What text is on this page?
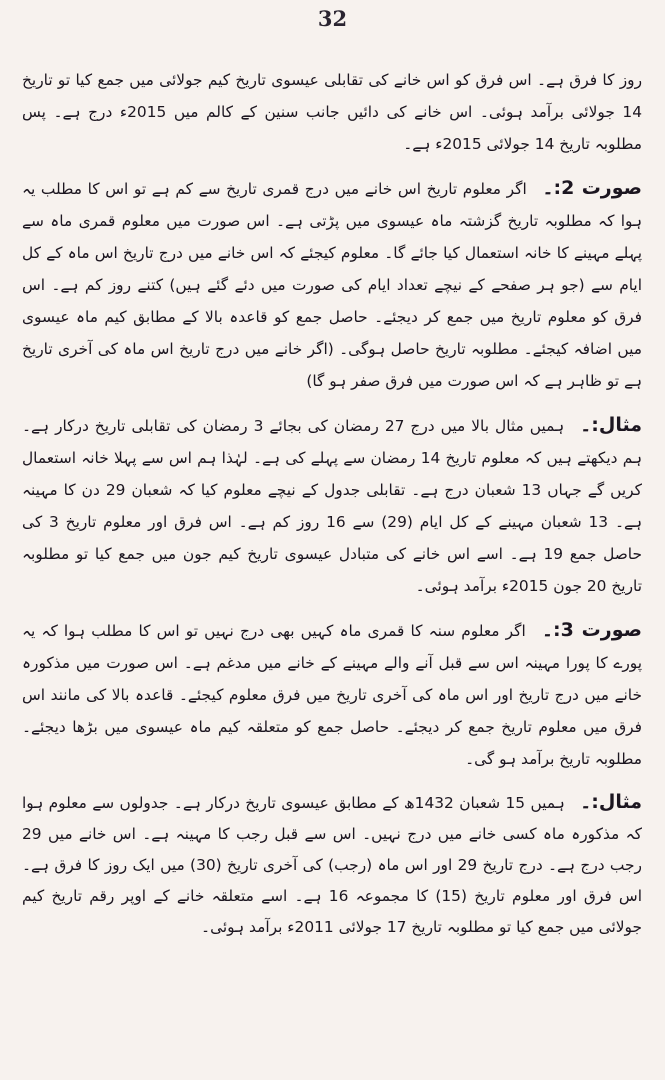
32

روز کا فرق ہے۔ اس فرق کو اس خانے کی تقابلی عیسوی تاریخ کیم جولائی میں جمع کیا تو تاریخ 14 جولائی برآمد ہوئی۔ اس خانے کی دائیں جانب سنین کے کالم میں 2015ء درج ہے۔ پس مطلوبہ تاریخ 14 جولائی 2015ء ہے۔

صورت 2:۔ اگر معلوم تاریخ اس خانے میں درج قمری تاریخ سے کم ہے تو اس کا مطلب یہ ہوا کہ مطلوبہ تاریخ گزشتہ ماہ عیسوی میں پڑتی ہے۔ اس صورت میں معلوم قمری ماہ سے پہلے مہینے کا خانہ استعمال کیا جائے گا۔ معلوم کیجئے کہ اس خانے میں درج تاریخ اس ماہ کے کل ایام سے (جو ہر صفحے کے نیچے تعداد ایام کی صورت میں دئے گئے ہیں) کتنے روز کم ہے۔ اس فرق کو معلوم تاریخ میں جمع کر دیجئے۔ حاصل جمع کو قاعدہ بالا کے مطابق کیم ماہ عیسوی میں اضافہ کیجئے۔ مطلوبہ تاریخ حاصل ہوگی۔ (اگر خانے میں درج تاریخ اس ماہ کی آخری تاریخ ہے تو ظاہر ہے کہ اس صورت میں فرق صفر ہو گا)

مثال:۔ ہمیں مثال بالا میں درج 27 رمضان کی بجائے 3 رمضان کی تقابلی تاریخ درکار ہے۔ ہم دیکھتے ہیں کہ معلوم تاریخ 14 رمضان سے پہلے کی ہے۔ لہٰذا ہم اس سے پہلا خانہ استعمال کریں گے جہاں 13 شعبان درج ہے۔ تقابلی جدول کے نیچے معلوم کیا کہ شعبان 29 دن کا مہینہ ہے۔ 13 شعبان مہینے کے کل ایام (29) سے 16 روز کم ہے۔ اس فرق اور معلوم تاریخ 3 کی حاصل جمع 19 ہے۔ اسے اس خانے کی متبادل عیسوی تاریخ کیم جون میں جمع کیا تو مطلوبہ تاریخ 20 جون 2015ء برآمد ہوئی۔

صورت 3:۔ اگر معلوم سنہ کا قمری ماہ کہیں بھی درج نہیں تو اس کا مطلب ہوا کہ یہ پورے کا پورا مہینہ اس سے قبل آنے والے مہینے کے خانے میں مدغم ہے۔ اس صورت میں مذکورہ خانے میں درج تاریخ اور اس ماہ کی آخری تاریخ میں فرق معلوم کیجئے۔ قاعدہ بالا کی مانند اس فرق میں معلوم تاریخ جمع کر دیجئے۔ حاصل جمع کو متعلقہ کیم ماہ عیسوی میں بڑھا دیجئے۔ مطلوبہ تاریخ برآمد ہو گی۔

مثال:۔ ہمیں 15 شعبان 1432ھ کے مطابق عیسوی تاریخ درکار ہے۔ جدولوں سے معلوم ہوا کہ مذکورہ ماہ کسی خانے میں درج نہیں۔ اس سے قبل رجب کا مہینہ ہے۔ اس خانے میں 29 رجب درج ہے۔ درج تاریخ 29 اور اس ماہ (رجب) کی آخری تاریخ (30) میں ایک روز کا فرق ہے۔ اس فرق اور معلوم تاریخ (15) کا مجموعہ 16 ہے۔ اسے متعلقہ خانے کے اوپر رقم تاریخ کیم جولائی میں جمع کیا تو مطلوبہ تاریخ 17 جولائی 2011ء برآمد ہوئی۔
